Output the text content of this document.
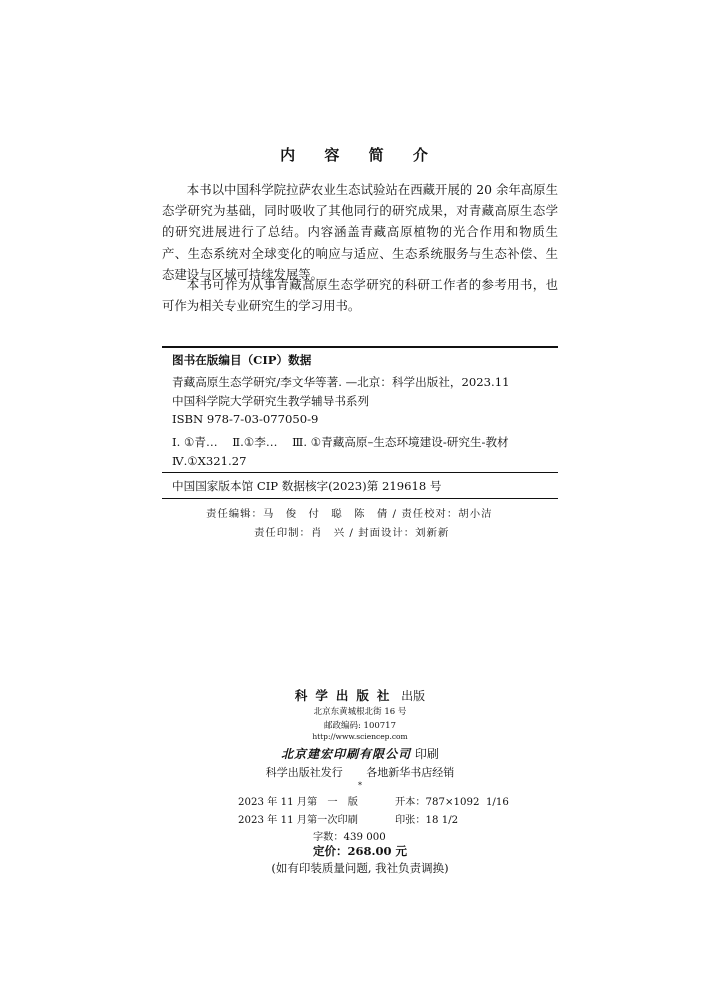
内 容 简 介
本书以中国科学院拉萨农业生态试验站在西藏开展的 20 余年高原生态学研究为基础，同时吸收了其他同行的研究成果，对青藏高原生态学的研究进展进行了总结。内容涵盖青藏高原植物的光合作用和物质生产、生态系统对全球变化的响应与适应、生态系统服务与生态补偿、生态建设与区域可持续发展等。
本书可作为从事青藏高原生态学研究的科研工作者的参考用书，也可作为相关专业研究生的学习用书。
图书在版编目（CIP）数据
青藏高原生态学研究/李文华等著. —北京：科学出版社，2023.11
中国科学院大学研究生教学辅导书系列
ISBN 978-7-03-077050-9
Ⅰ. ①青…    Ⅱ.①李…    Ⅲ. ①青藏高原–生态环境建设-研究生-教材
Ⅳ.①X321.27
中国国家版本馆 CIP 数据核字(2023)第 219618 号
责任编辑：马　俊　付　聪　陈　倩 / 责任校对：胡小洁
责任印制：肖　兴 / 封面设计：刘新新
科学出版社 出版
北京东黄城根北街 16 号
邮政编码: 100717
http://www.sciencep.com
北京建宏印刷有限公司 印刷
科学出版社发行 各地新华书店经销
*
2023 年 11 月第　一　版	开本：787×1092  1/16
2023 年 11 月第一次印刷	印张：18 1/2
字数：439 000
定价：268.00 元
(如有印装质量问题, 我社负责调换)
